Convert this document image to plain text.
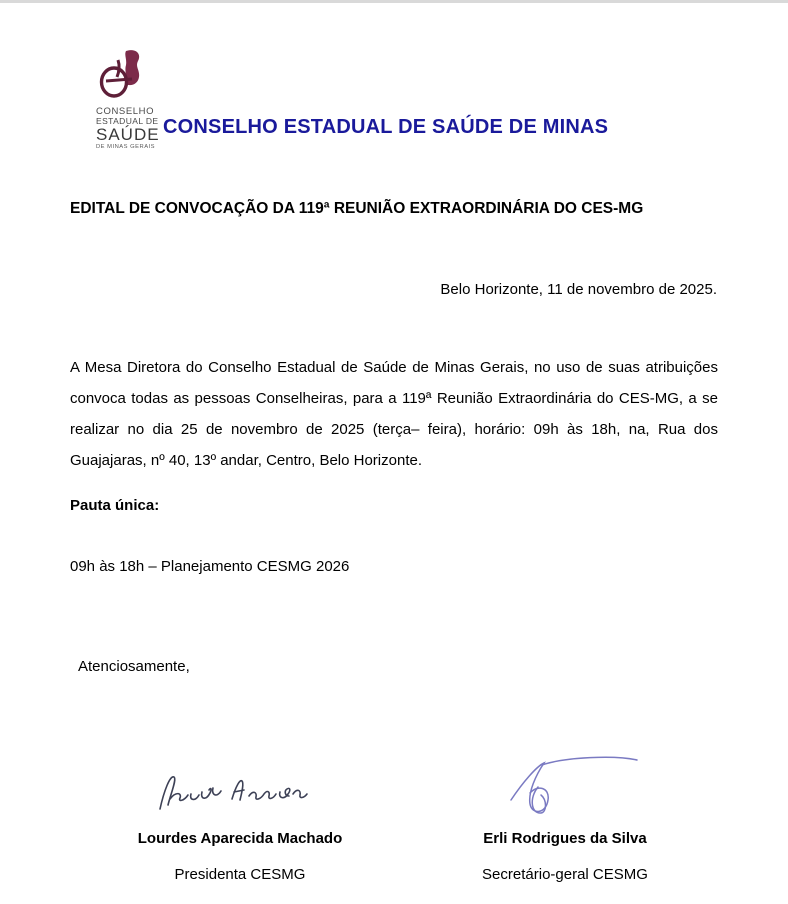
CONSELHO
ESTADUAL DE
SAÚDE
DE MINAS GERAIS
CONSELHO ESTADUAL DE SAÚDE DE MINAS
EDITAL DE CONVOCAÇÃO DA 119ª REUNIÃO EXTRAORDINÁRIA DO CES-MG
Belo Horizonte, 11 de novembro de 2025.

A Mesa Diretora do Conselho Estadual de Saúde de Minas Gerais, no uso de suas atribuições convoca todas as pessoas Conselheiras, para a 119ª Reunião Extraordinária do CES-MG, a se realizar no dia 25 de novembro de 2025 (terça– feira), horário: 09h às 18h, na, Rua dos Guajajaras, nº 40, 13º andar, Centro, Belo Horizonte.

Pauta única:
09h às 18h – Planejamento CESMG 2026
Atenciosamente,
Lourdes Aparecida Machado
Presidenta CESMG
Erli Rodrigues da Silva
Secretário-geral CESMG
